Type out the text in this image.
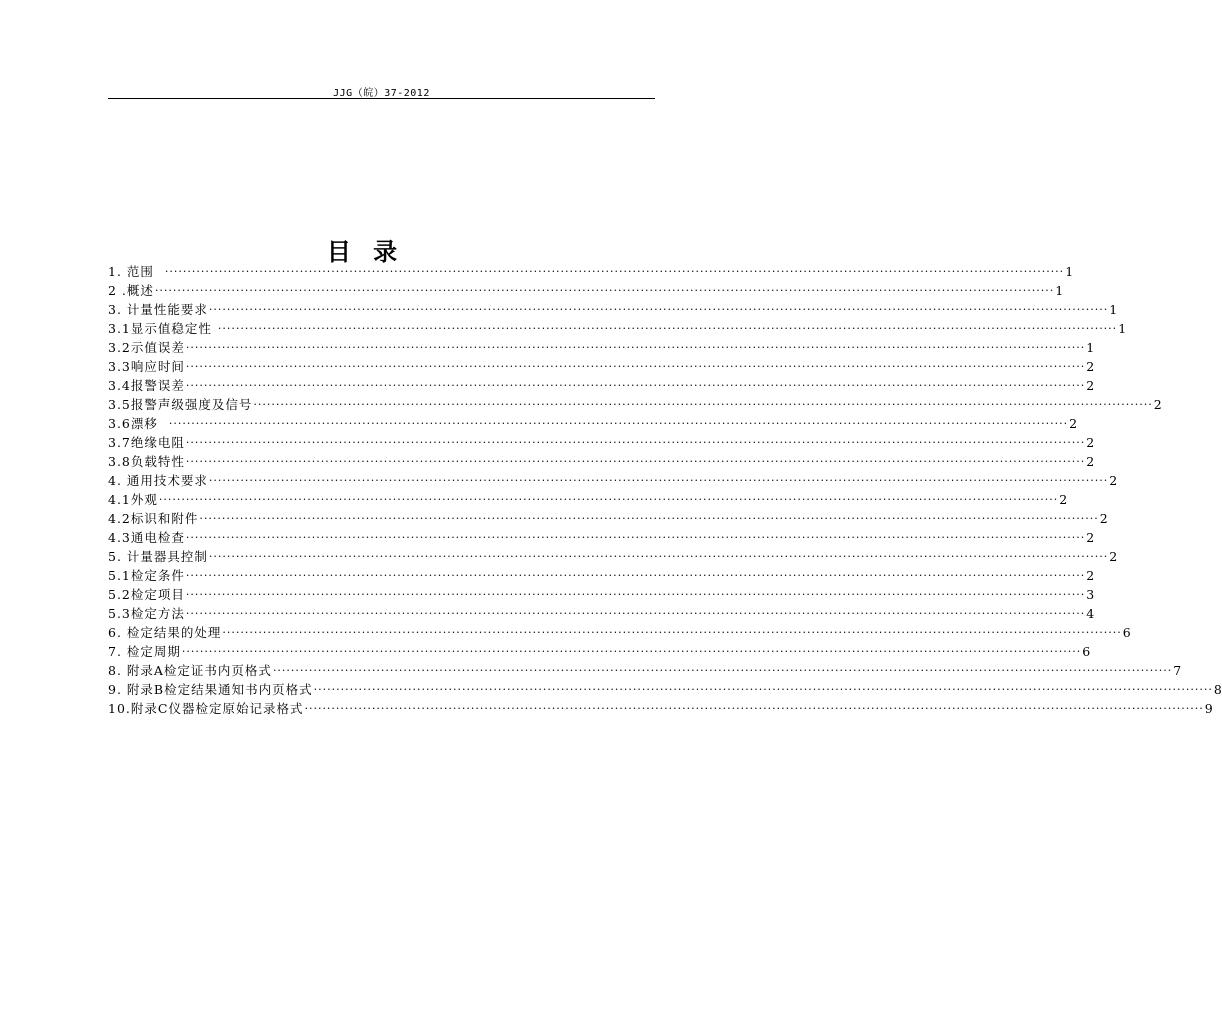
JJG（皖）37-2012
目 录
1. 范围 ········································································································································································································ 1
2 .概述 ········································································································································································································ 1
3. 计量性能要求 ········································································································································································································ 1
3.1显示值稳定性 ········································································································································································································ 1
3.2示值误差 ········································································································································································································ 1
3.3响应时间 ········································································································································································································ 2
3.4报警误差 ········································································································································································································ 2
3.5报警声级强度及信号 ········································································································································································································ 2
3.6漂移 ········································································································································································································ 2
3.7绝缘电阻 ········································································································································································································ 2
3.8负载特性 ········································································································································································································ 2
4. 通用技术要求 ········································································································································································································ 2
4.1外观 ········································································································································································································ 2
4.2标识和附件 ········································································································································································································ 2
4.3通电检查 ········································································································································································································ 2
5. 计量器具控制 ········································································································································································································ 2
5.1检定条件 ········································································································································································································ 2
5.2检定项目 ········································································································································································································ 3
5.3检定方法 ········································································································································································································ 4
6. 检定结果的处理 ········································································································································································································ 6
7. 检定周期 ········································································································································································································ 6
8. 附录A检定证书内页格式 ········································································································································································································ 7
9. 附录B检定结果通知书内页格式 ········································································································································································································ 8
10.附录C仪器检定原始记录格式 ········································································································································································································ 9
